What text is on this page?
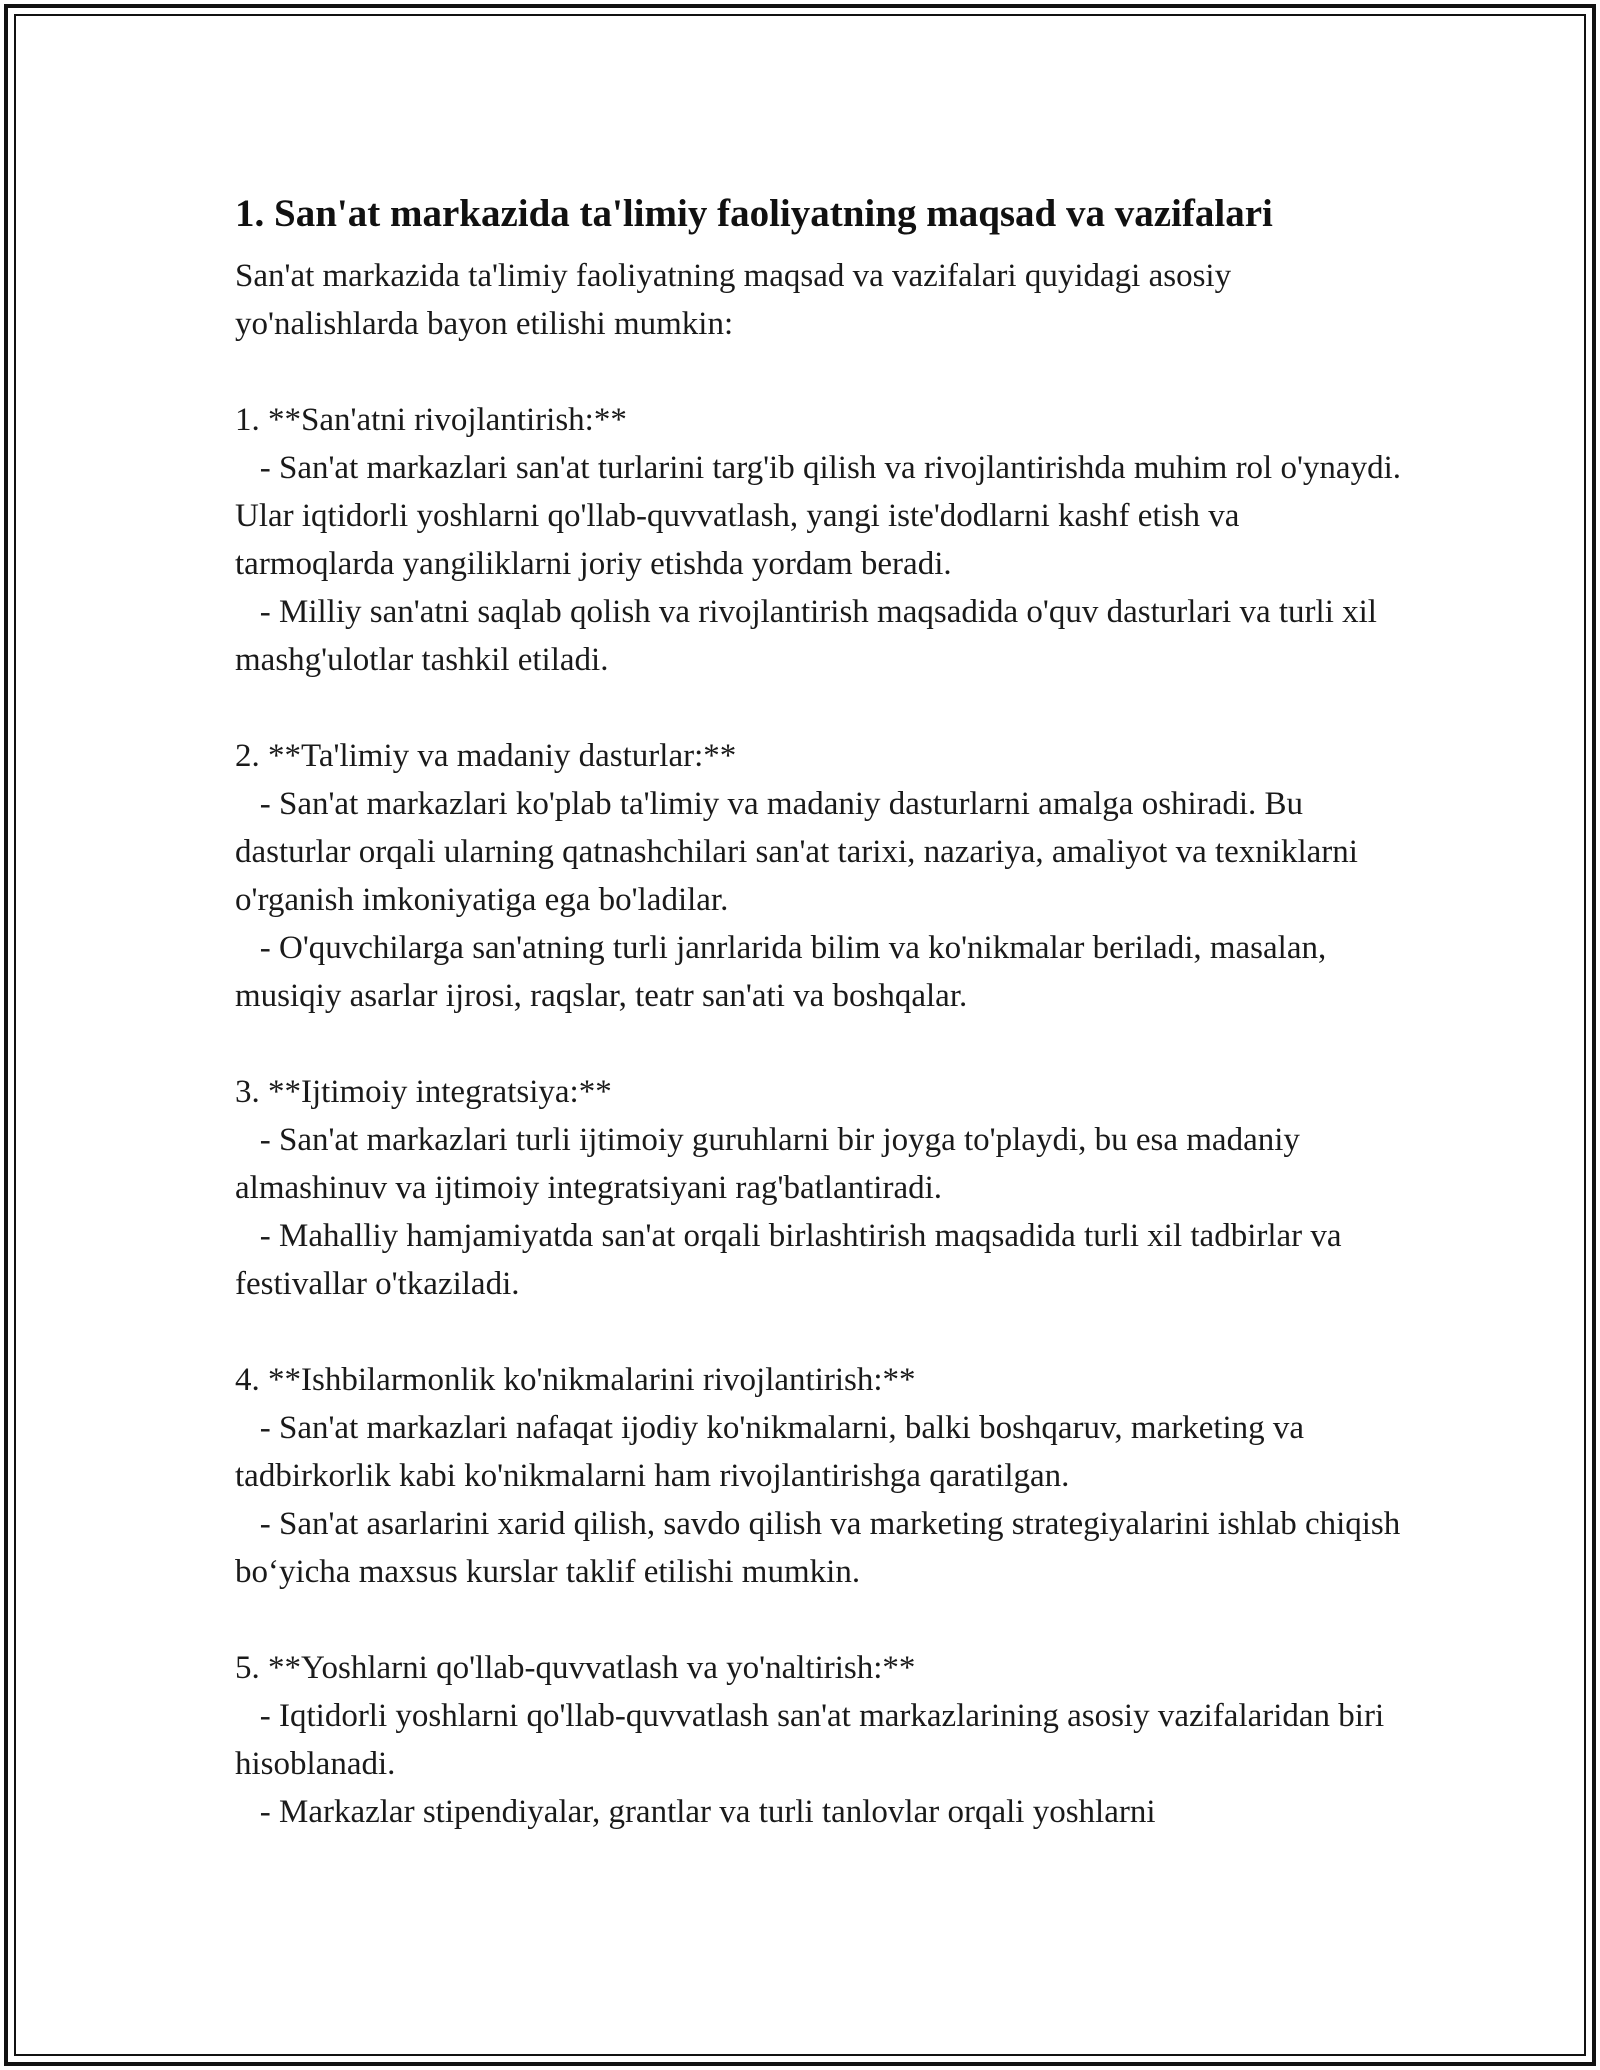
1. San'at markazida ta'limiy faoliyatning maqsad va vazifalari

San'at markazida ta'limiy faoliyatning maqsad va vazifalari quyidagi asosiy yo'nalishlarda bayon etilishi mumkin:

1. **San'atni rivojlantirish:**

- San'at markazlari san'at turlarini targ'ib qilish va rivojlantirishda muhim rol o'ynaydi. Ular iqtidorli yoshlarni qo'llab-quvvatlash, yangi iste'dodlarni kashf etish va tarmoqlarda yangiliklarni joriy etishda yordam beradi.

- Milliy san'atni saqlab qolish va rivojlantirish maqsadida o'quv dasturlari va turli xil mashg'ulotlar tashkil etiladi.

2. **Ta'limiy va madaniy dasturlar:**

- San'at markazlari ko'plab ta'limiy va madaniy dasturlarni amalga oshiradi. Bu dasturlar orqali ularning qatnashchilari san'at tarixi, nazariya, amaliyot va texniklarni o'rganish imkoniyatiga ega bo'ladilar.

- O'quvchilarga san'atning turli janrlarida bilim va ko'nikmalar beriladi, masalan, musiqiy asarlar ijrosi, raqslar, teatr san'ati va boshqalar.

3. **Ijtimoiy integratsiya:**

- San'at markazlari turli ijtimoiy guruhlarni bir joyga to'playdi, bu esa madaniy almashinuv va ijtimoiy integratsiyani rag'batlantiradi.

- Mahalliy hamjamiyatda san'at orqali birlashtirish maqsadida turli xil tadbirlar va festivallar o'tkaziladi.

4. **Ishbilarmonlik ko'nikmalarini rivojlantirish:**

- San'at markazlari nafaqat ijodiy ko'nikmalarni, balki boshqaruv, marketing va tadbirkorlik kabi ko'nikmalarni ham rivojlantirishga qaratilgan.

- San'at asarlarini xarid qilish, savdo qilish va marketing strategiyalarini ishlab chiqish bo‘yicha maxsus kurslar taklif etilishi mumkin.

5. **Yoshlarni qo'llab-quvvatlash va yo'naltirish:**

- Iqtidorli yoshlarni qo'llab-quvvatlash san'at markazlarining asosiy vazifalaridan biri hisoblanadi.

- Markazlar stipendiyalar, grantlar va turli tanlovlar orqali yoshlarni
